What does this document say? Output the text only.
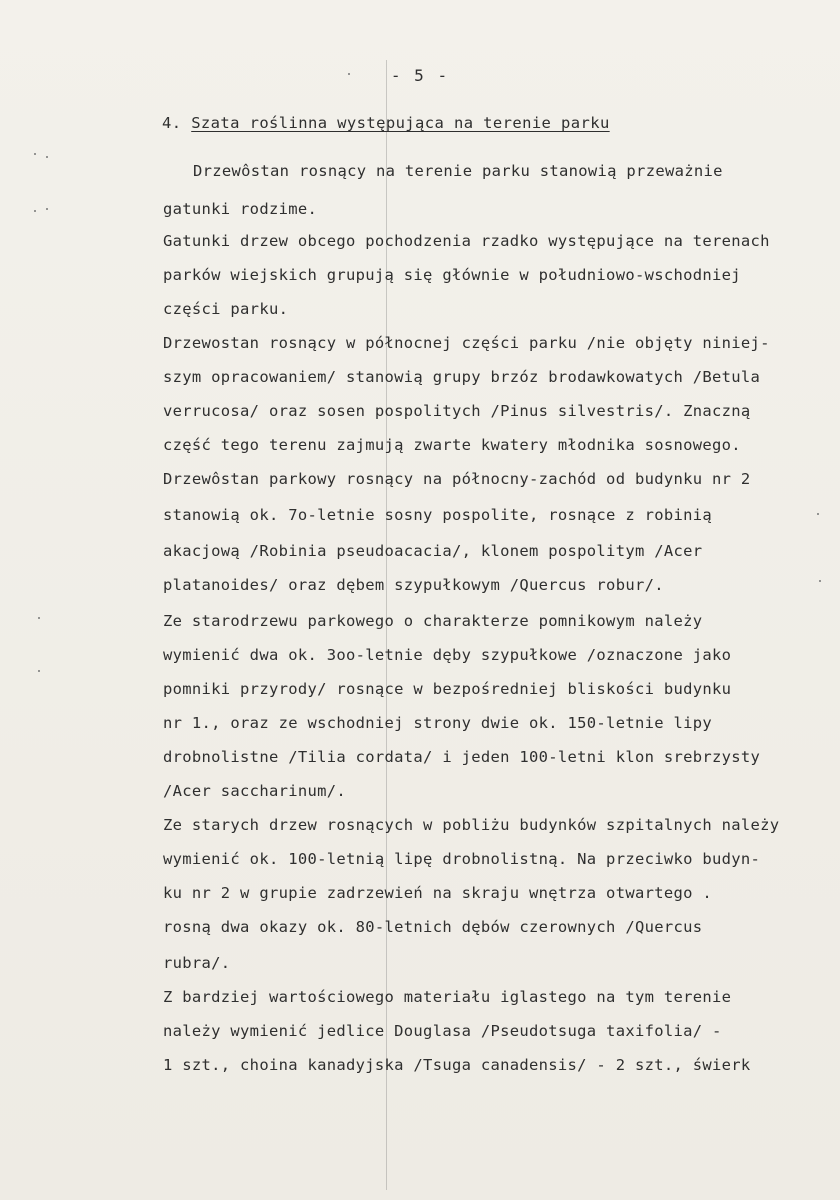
- 5 -
4. Szata roślinna występująca na terenie parku
Drzewôstan rosnący na terenie parku stanowią przeważnie
gatunki rodzime.
Gatunki drzew obcego pochodzenia rzadko występujące na terenach
parków wiejskich grupują się głównie w południowo-wschodniej
części parku.
Drzewostan rosnący w północnej części parku /nie objęty niniej-
szym opracowaniem/ stanowią grupy brzóz brodawkowatych /Betula
verrucosa/ oraz sosen pospolitych /Pinus silvestris/. Znaczną
część tego terenu zajmują zwarte kwatery młodnika sosnowego.
Drzewôstan parkowy rosnący na północny-zachód od budynku nr 2
stanowią ok. 7o-letnie sosny pospolite, rosnące z robinią
akacjową /Robinia pseudoacacia/, klonem pospolitym /Acer
platanoides/ oraz dębem szypułkowym /Quercus robur/.
Ze starodrzewu parkowego o charakterze pomnikowym należy
wymienić dwa ok. 3oo-letnie dęby szypułkowe /oznaczone jako
pomniki przyrody/ rosnące w bezpośredniej bliskości budynku
nr 1., oraz ze wschodniej strony dwie ok. 150-letnie lipy
drobnolistne /Tilia cordata/ i jeden 100-letni klon srebrzysty
/Acer saccharinum/.
Ze starych drzew rosnących w pobliżu budynków szpitalnych należy
wymienić ok. 100-letnią lipę drobnolistną. Na przeciwko budyn-
ku nr 2 w grupie zadrzewień na skraju wnętrza otwartego .
rosną dwa okazy ok. 80-letnich dębów czerownych /Quercus
rubra/.
Z bardziej wartościowego materiału iglastego na tym terenie
należy wymienić jedlice Douglasa /Pseudotsuga taxifolia/ -
1 szt., choina kanadyjska /Tsuga canadensis/ - 2 szt., świerk
